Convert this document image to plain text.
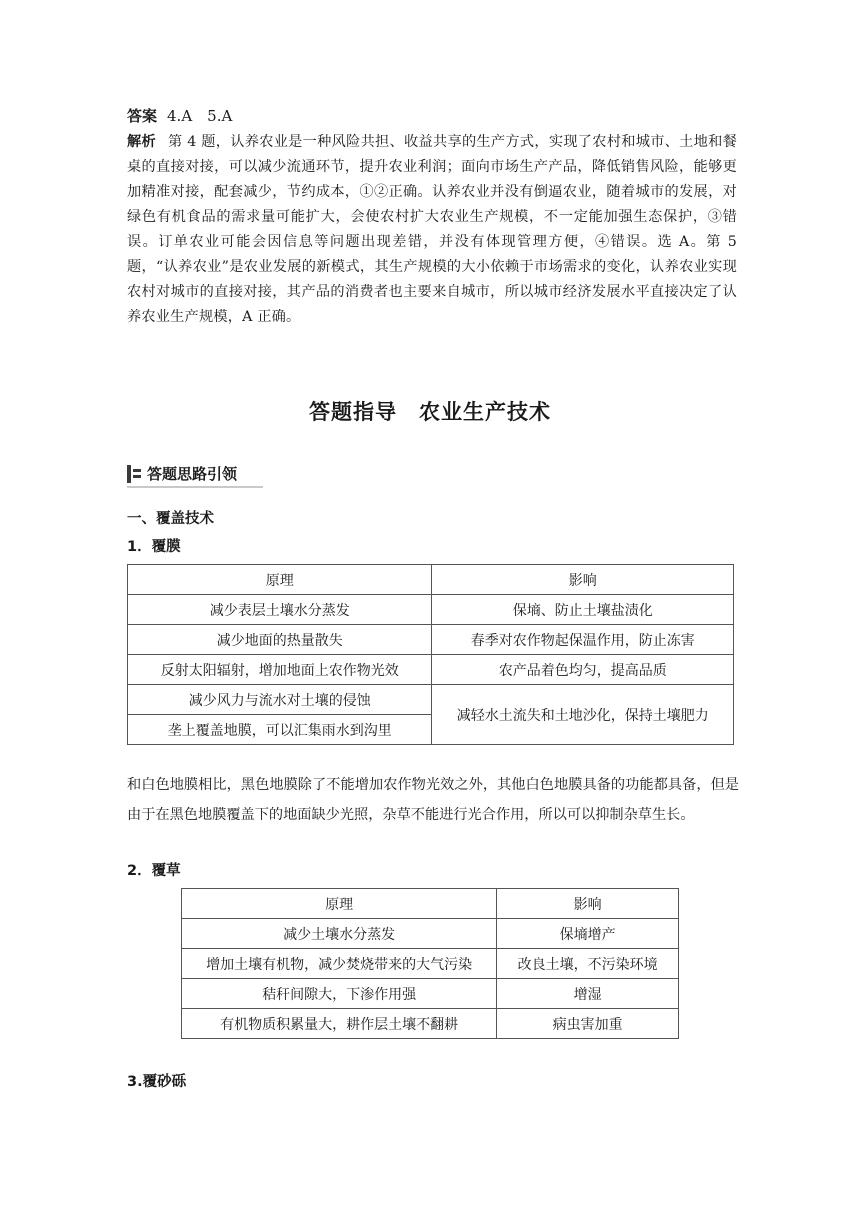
答案 4.A　5.A
解析 第 4 题，认养农业是一种风险共担、收益共享的生产方式，实现了农村和城市、土地和餐桌的直接对接，可以减少流通环节，提升农业利润；面向市场生产产品，降低销售风险，能够更加精准对接，配套减少，节约成本，①②正确。认养农业并没有倒逼农业，随着城市的发展，对绿色有机食品的需求量可能扩大，会使农村扩大农业生产规模，不一定能加强生态保护，③错误。订单农业可能会因信息等问题出现差错，并没有体现管理方便，④错误。选 A。第 5 题，“认养农业”是农业发展的新模式，其生产规模的大小依赖于市场需求的变化，认养农业实现农村对城市的直接对接，其产品的消费者也主要来自城市，所以城市经济发展水平直接决定了认养农业生产规模，A 正确。
答题指导　农业生产技术
答题思路引领
一、覆盖技术
1．覆膜
原理	影响
减少表层土壤水分蒸发	保墒、防止土壤盐渍化
减少地面的热量散失	春季对农作物起保温作用，防止冻害
反射太阳辐射，增加地面上农作物光效	农产品着色均匀，提高品质
减少风力与流水对土壤的侵蚀	减轻水土流失和土地沙化，保持土壤肥力
垄上覆盖地膜，可以汇集雨水到沟里	
和白色地膜相比，黑色地膜除了不能增加农作物光效之外，其他白色地膜具备的功能都具备，但是由于在黑色地膜覆盖下的地面缺少光照，杂草不能进行光合作用，所以可以抑制杂草生长。
2．覆草
原理	影响
减少土壤水分蒸发	保墒增产
增加土壤有机物，减少焚烧带来的大气污染	改良土壤，不污染环境
秸秆间隙大，下渗作用强	增湿
有机物质积累量大，耕作层土壤不翻耕	病虫害加重
3.覆砂砾
